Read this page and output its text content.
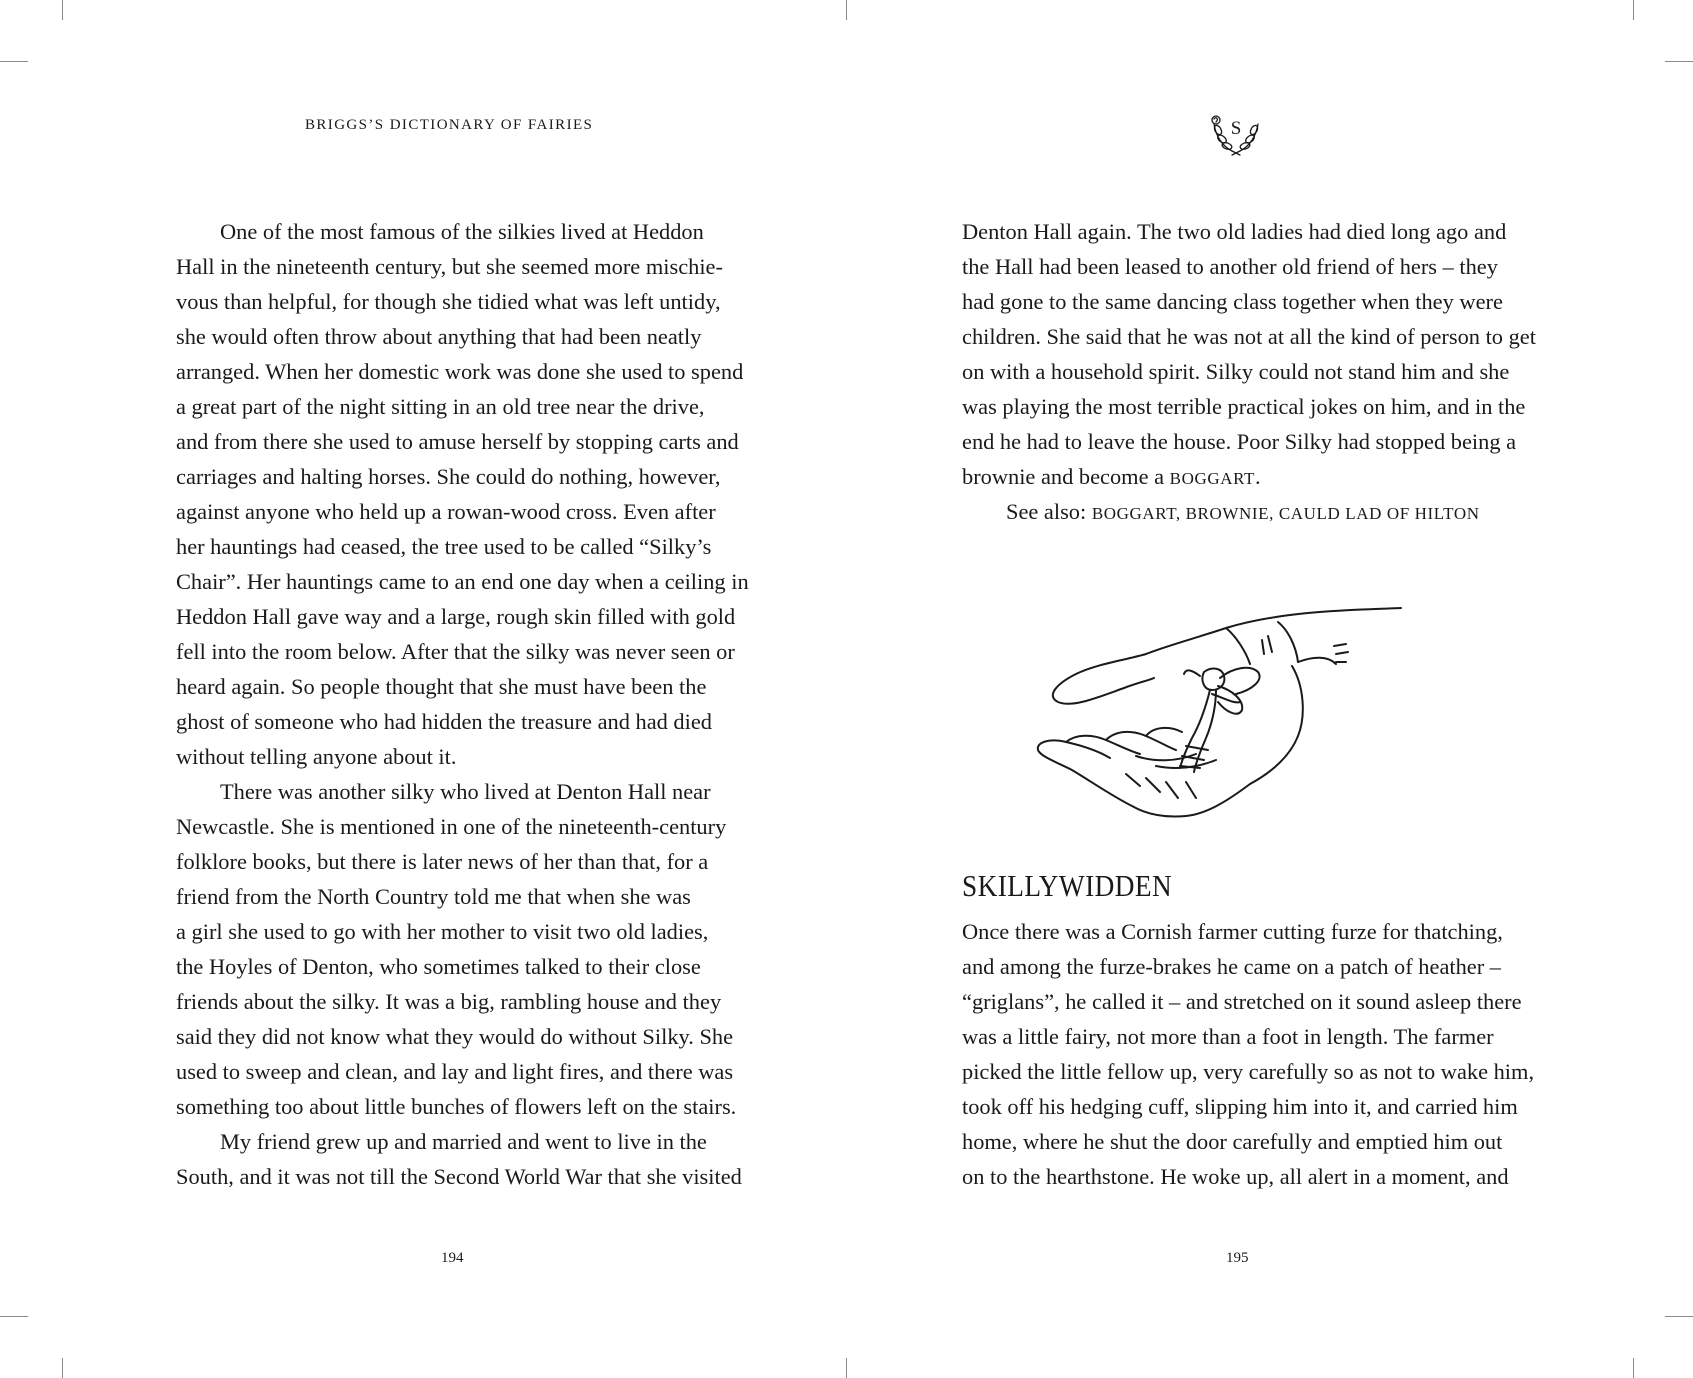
BRIGGS’S DICTIONARY OF FAIRIES
One of the most famous of the silkies lived at Heddon
Hall in the nineteenth century, but she seemed more mischie-
vous than helpful, for though she tidied what was left untidy,
she would often throw about anything that had been neatly
arranged. When her domestic work was done she used to spend
a great part of the night sitting in an old tree near the drive,
and from there she used to amuse herself by stopping carts and
carriages and halting horses. She could do nothing, however,
against anyone who held up a rowan-wood cross. Even after
her hauntings had ceased, the tree used to be called “Silky’s
Chair”. Her hauntings came to an end one day when a ceiling in
Heddon Hall gave way and a large, rough skin filled with gold
fell into the room below. After that the silky was never seen or
heard again. So people thought that she must have been the
ghost of someone who had hidden the treasure and had died
without telling anyone about it.
There was another silky who lived at Denton Hall near
Newcastle. She is mentioned in one of the nineteenth-century
folklore books, but there is later news of her than that, for a
friend from the North Country told me that when she was
a girl she used to go with her mother to visit two old ladies,
the Hoyles of Denton, who sometimes talked to their close
friends about the silky. It was a big, rambling house and they
said they did not know what they would do without Silky. She
used to sweep and clean, and lay and light fires, and there was
something too about little bunches of flowers left on the stairs.
My friend grew up and married and went to live in the
South, and it was not till the Second World War that she visited
194
S
Denton Hall again. The two old ladies had died long ago and
the Hall had been leased to another old friend of hers – they
had gone to the same dancing class together when they were
children. She said that he was not at all the kind of person to get
on with a household spirit. Silky could not stand him and she
was playing the most terrible practical jokes on him, and in the
end he had to leave the house. Poor Silky had stopped being a
brownie and become a BOGGART.
See also: BOGGART, BROWNIE, CAULD LAD OF HILTON
SKILLYWIDDEN
Once there was a Cornish farmer cutting furze for thatching,
and among the furze-brakes he came on a patch of heather –
“griglans”, he called it – and stretched on it sound asleep there
was a little fairy, not more than a foot in length. The farmer
picked the little fellow up, very carefully so as not to wake him,
took off his hedging cuff, slipping him into it, and carried him
home, where he shut the door carefully and emptied him out
on to the hearthstone. He woke up, all alert in a moment, and
195
